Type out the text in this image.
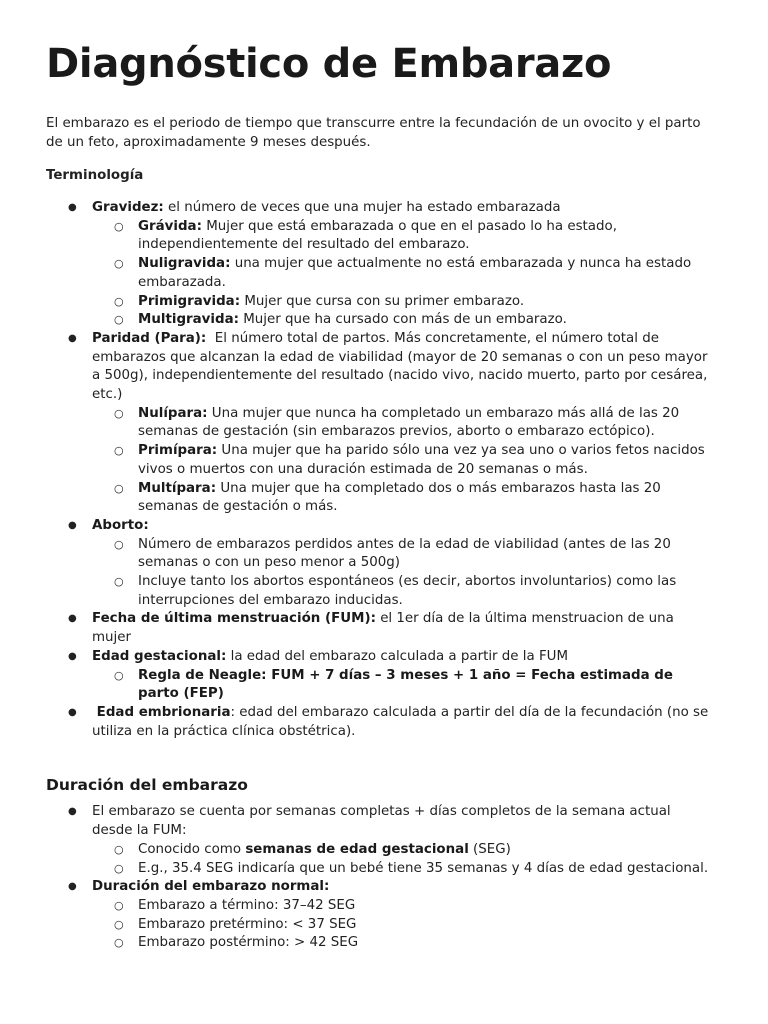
Diagnóstico de Embarazo

El embarazo es el periodo de tiempo que transcurre entre la fecundación de un ovocito y el parto de un feto, aproximadamente 9 meses después.

Terminología
● Gravidez: el número de veces que una mujer ha estado embarazada
○ Grávida: Mujer que está embarazada o que en el pasado lo ha estado, independientemente del resultado del embarazo.
○ Nuligravida: una mujer que actualmente no está embarazada y nunca ha estado embarazada.
○ Primigravida: Mujer que cursa con su primer embarazo.
○ Multigravida: Mujer que ha cursado con más de un embarazo.
● Paridad (Para):  El número total de partos. Más concretamente, el número total de embarazos que alcanzan la edad de viabilidad (mayor de 20 semanas o con un peso mayor a 500g), independientemente del resultado (nacido vivo, nacido muerto, parto por cesárea, etc.)
○ Nulípara: Una mujer que nunca ha completado un embarazo más allá de las 20 semanas de gestación (sin embarazos previos, aborto o embarazo ectópico).
○ Primípara: Una mujer que ha parido sólo una vez ya sea uno o varios fetos nacidos vivos o muertos con una duración estimada de 20 semanas o más.
○ Multípara: Una mujer que ha completado dos o más embarazos hasta las 20 semanas de gestación o más.
● Aborto:
○ Número de embarazos perdidos antes de la edad de viabilidad (antes de las 20 semanas o con un peso menor a 500g)
○ Incluye tanto los abortos espontáneos (es decir, abortos involuntarios) como las interrupciones del embarazo inducidas.
● Fecha de última menstruación (FUM): el 1er día de la última menstruacion de una mujer
● Edad gestacional: la edad del embarazo calculada a partir de la FUM
○ Regla de Neagle: FUM + 7 días – 3 meses + 1 año = Fecha estimada de parto (FEP)
●  Edad embrionaria: edad del embarazo calculada a partir del día de la fecundación (no se utiliza en la práctica clínica obstétrica).
Duración del embarazo
● El embarazo se cuenta por semanas completas + días completos de la semana actual desde la FUM:
○ Conocido como semanas de edad gestacional (SEG)
○ E.g., 35.4 SEG indicaría que un bebé tiene 35 semanas y 4 días de edad gestacional.
● Duración del embarazo normal:
○ Embarazo a término: 37–42 SEG
○ Embarazo pretérmino: < 37 SEG
○ Embarazo postérmino: > 42 SEG
